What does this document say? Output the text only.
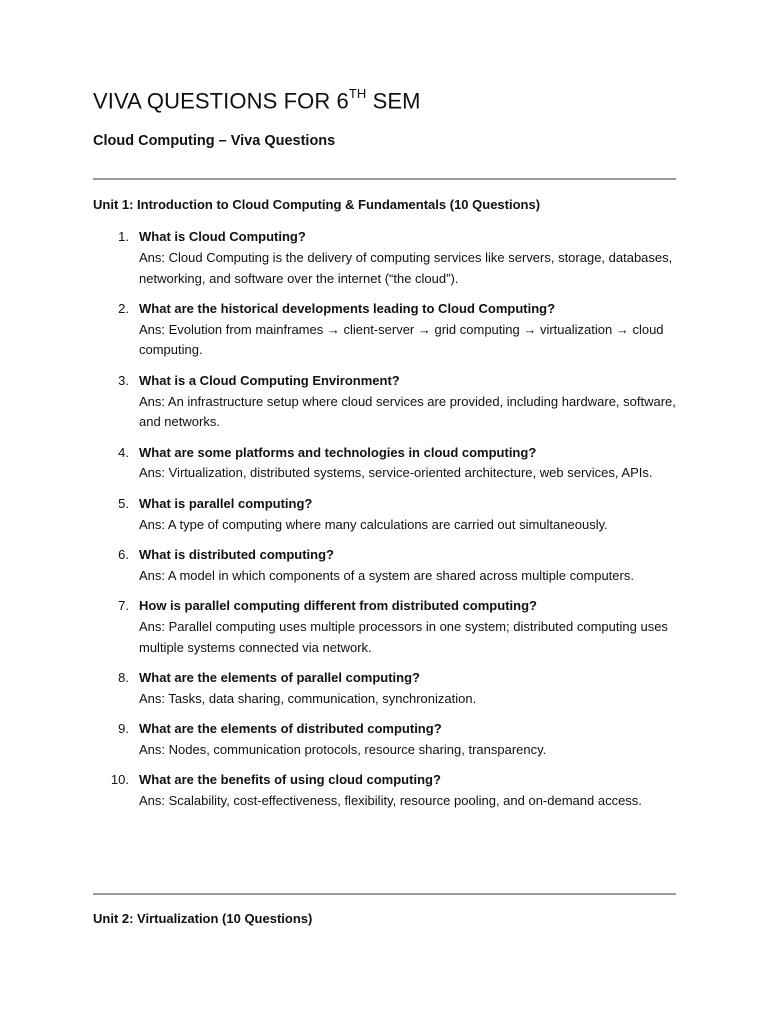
VIVA QUESTIONS FOR 6TH SEM
Cloud Computing – Viva Questions
Unit 1: Introduction to Cloud Computing & Fundamentals (10 Questions)
1. What is Cloud Computing?
Ans: Cloud Computing is the delivery of computing services like servers, storage, databases, networking, and software over the internet (“the cloud”).
2. What are the historical developments leading to Cloud Computing?
Ans: Evolution from mainframes → client-server → grid computing → virtualization → cloud computing.
3. What is a Cloud Computing Environment?
Ans: An infrastructure setup where cloud services are provided, including hardware, software, and networks.
4. What are some platforms and technologies in cloud computing?
Ans: Virtualization, distributed systems, service-oriented architecture, web services, APIs.
5. What is parallel computing?
Ans: A type of computing where many calculations are carried out simultaneously.
6. What is distributed computing?
Ans: A model in which components of a system are shared across multiple computers.
7. How is parallel computing different from distributed computing?
Ans: Parallel computing uses multiple processors in one system; distributed computing uses multiple systems connected via network.
8. What are the elements of parallel computing?
Ans: Tasks, data sharing, communication, synchronization.
9. What are the elements of distributed computing?
Ans: Nodes, communication protocols, resource sharing, transparency.
10. What are the benefits of using cloud computing?
Ans: Scalability, cost-effectiveness, flexibility, resource pooling, and on-demand access.
Unit 2: Virtualization (10 Questions)
